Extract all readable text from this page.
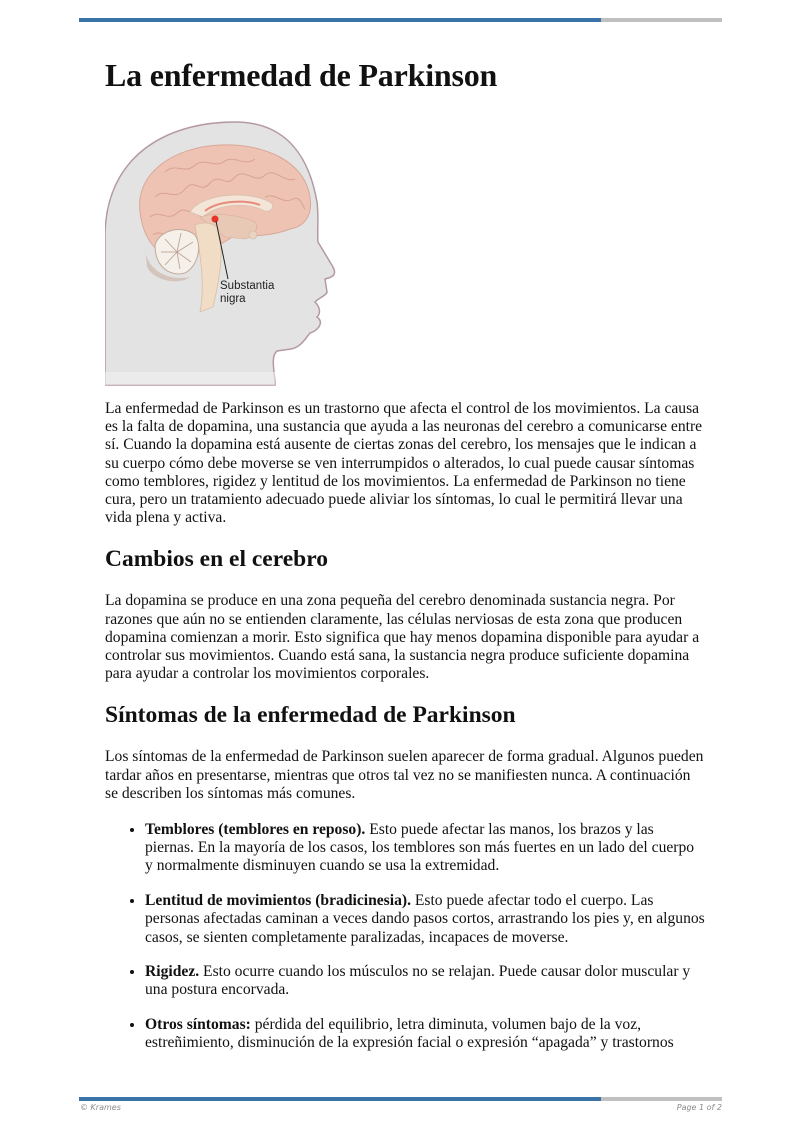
La enfermedad de Parkinson
Substantia
nigra

La enfermedad de Parkinson es un trastorno que afecta el control de los movimientos. La causa es la falta de dopamina, una sustancia que ayuda a las neuronas del cerebro a comunicarse entre sí. Cuando la dopamina está ausente de ciertas zonas del cerebro, los mensajes que le indican a su cuerpo cómo debe moverse se ven interrumpidos o alterados, lo cual puede causar síntomas como temblores, rigidez y lentitud de los movimientos. La enfermedad de Parkinson no tiene cura, pero un tratamiento adecuado puede aliviar los síntomas, lo cual le permitirá llevar una vida plena y activa.

Cambios en el cerebro

La dopamina se produce en una zona pequeña del cerebro denominada sustancia negra. Por razones que aún no se entienden claramente, las células nerviosas de esta zona que producen dopamina comienzan a morir. Esto significa que hay menos dopamina disponible para ayudar a controlar sus movimientos. Cuando está sana, la sustancia negra produce suficiente dopamina para ayudar a controlar los movimientos corporales.

Síntomas de la enfermedad de Parkinson

Los síntomas de la enfermedad de Parkinson suelen aparecer de forma gradual. Algunos pueden tardar años en presentarse, mientras que otros tal vez no se manifiesten nunca. A continuación se describen los síntomas más comunes.

• Temblores (temblores en reposo). Esto puede afectar las manos, los brazos y las piernas. En la mayoría de los casos, los temblores son más fuertes en un lado del cuerpo y normalmente disminuyen cuando se usa la extremidad.
• Lentitud de movimientos (bradicinesia). Esto puede afectar todo el cuerpo. Las personas afectadas caminan a veces dando pasos cortos, arrastrando los pies y, en algunos casos, se sienten completamente paralizadas, incapaces de moverse.
• Rigidez. Esto ocurre cuando los músculos no se relajan. Puede causar dolor muscular y una postura encorvada.
• Otros síntomas: pérdida del equilibrio, letra diminuta, volumen bajo de la voz, estreñimiento, disminución de la expresión facial o expresión “apagada” y trastornos
© Krames	Page 1 of 2
